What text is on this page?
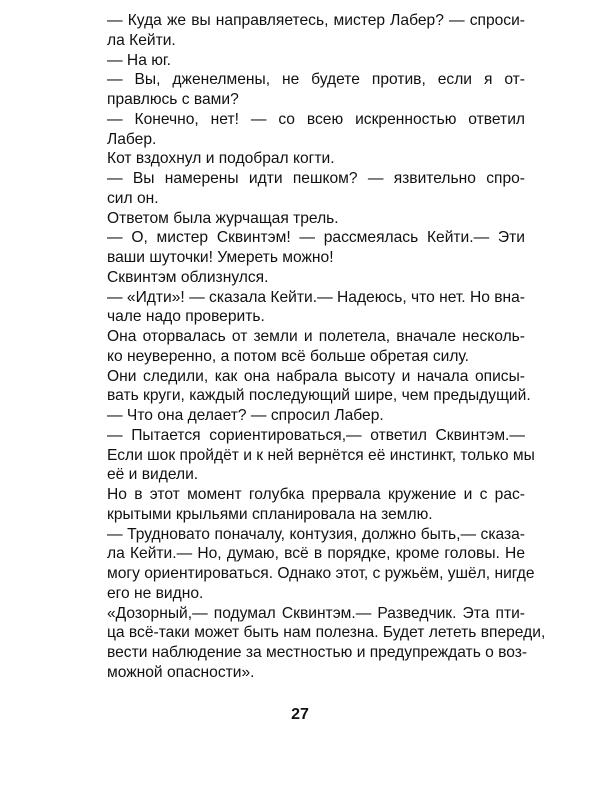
— Куда же вы направляетесь, мистер Лабер? — спроси-
ла Кейти.
— На юг.
— Вы, дженелмены, не будете против, если я от-
правлюсь с вами?
— Конечно, нет! — со всею искренностью ответил
Лабер.
Кот вздохнул и подобрал когти.
— Вы намерены идти пешком? — язвительно спро-
сил он.
Ответом была журчащая трель.
— О, мистер Сквинтэм! — рассмеялась Кейти.— Эти
ваши шуточки! Умереть можно!
Сквинтэм облизнулся.
— «Идти»! — сказала Кейти.— Надеюсь, что нет. Но вна-
чале надо проверить.
Она оторвалась от земли и полетела, вначале несколь-
ко неуверенно, а потом всё больше обретая силу.
Они следили, как она набрала высоту и начала описы-
вать круги, каждый последующий шире, чем предыдущий.
— Что она делает? — спросил Лабер.
— Пытается сориентироваться,— ответил Сквинтэм.—
Если шок пройдёт и к ней вернётся её инстинкт, только мы
её и видели.
Но в этот момент голубка прервала кружение и с рас-
крытыми крыльями спланировала на землю.
— Трудновато поначалу, контузия, должно быть,— сказа-
ла Кейти.— Но, думаю, всё в порядке, кроме головы. Не
могу ориентироваться. Однако этот, с ружьём, ушёл, нигде
его не видно.
«Дозорный,— подумал Сквинтэм.— Разведчик. Эта пти-
ца всё-таки может быть нам полезна. Будет лететь впереди,
вести наблюдение за местностью и предупреждать о воз-
можной опасности».
27
